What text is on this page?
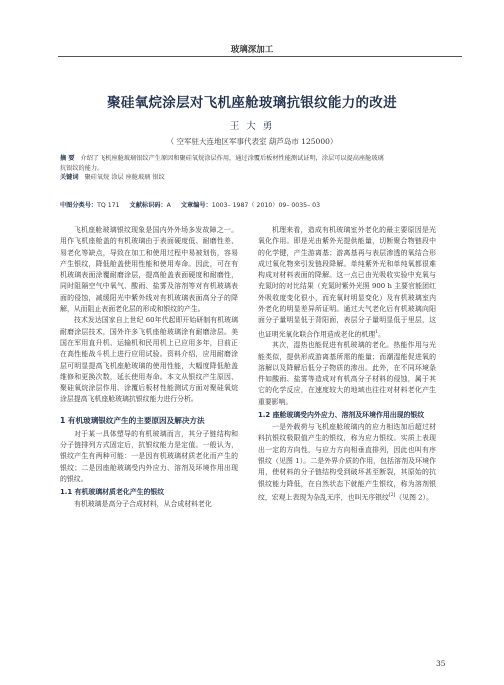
玻璃深加工
聚硅氧烷涂层对飞机座舱玻璃抗银纹能力的改进
王 大 勇
（ 空军驻大连地区军事代表室 葫芦岛市 125000）
摘 要 介绍了飞机座舱玻璃银纹产生原因和聚硅氧烷涂层作用，通过涂覆后板材性能测试证明，涂层可以提高座舱玻璃
抗银纹的能力。
关键词 聚硅氧烷 涂层 座舱玻璃 银纹
中图分类号：TQ 171 文献标识码：A 文章编号：1003– 1987（ 2010）09– 0035– 03

飞机座舱玻璃银纹现象是国内外外场多发故障之一。用作飞机座舱盖的有机玻璃由于表面硬度低、耐磨性差、易老化等缺点，导致在加工和使用过程中易被划伤，容易产生银纹，降低舱盖使用性能和使用寿命。因此，可在有机玻璃表面涂覆耐磨涂层，提高舱盖表面硬度和耐磨性，同时阻隔空气中氧气、酸雨、盐雾及溶剂等对有机玻璃表面的侵蚀，减缓阳光中紫外线对有机玻璃表面高分子的降解，从而阻止表面老化层的形成和银纹的产生。

技术发达国家自上世纪 60年代起即开始研制有机玻璃耐磨涂层技术，国外许多飞机座舱玻璃涂有耐磨涂层。美国在军用直升机、运输机和民用机上已应用多年，目前正在高性能战斗机上进行应用试验。资料介绍，应用耐磨涂层可明显提高飞机座舱玻璃的使用性能，大幅度降低舱盖维修和更换次数，延长使用寿命。本文从银纹产生原因、聚硅氧烷涂层作用、涂覆后板材性能测试方面对聚硅氧烷涂层提高飞机座舱玻璃抗银纹能力进行分析。

1 有机玻璃银纹产生的主要原因及解决方法

对于某一具体塑导的有机玻璃而言，其分子链结构和分子链排列方式固定后，抗银纹能力是定值。一般认为，银纹产生有两种可能：一是因有机玻璃材质老化而产生的银纹；二是因座舱玻璃受内外应力、溶剂及环境作用出现的银纹。

1.1 有机玻璃材质老化产生的银纹

有机玻璃是高分子合成材料，从合成材料老化

机理来看，造成有机玻璃室外老化的最主要原因是光氧化作用。即是光由紫外光提供能量，切断聚合物链段中的化学键，产生游离基；游离基再与表层渗透的氧结合形成过氧化物来引发链段降解。单纯紫外光和单纯氧都很难构成对材料表面的降解。这一点已由光吸收实验中充氧与充氮时的对比结果（充氮时紫外光照 900 h 主要官能团红外吸收度变化很小，而充氧时明显变化）及有机玻璃室内外老化的明显差异所证明。通过大气老化后有机玻璃向阳面分子量明显低于背阳面，表层分子量明显低于里层，这也证明光氧化联合作用造成老化的机理$^1$。

其次，湿热也能促进有机玻璃的老化。热能作用与光能类似，提供形成游离基所需的能量；而潮湿能促进氧的溶解以及降解后低分子物质的渗出。此外，在不同环境条件如酸雨、盐雾等造成对有机高分子材料的侵蚀，属于其它的化学反应，在速度较大的地域也往往对材料老化产生重要影响。

1.2 座舱玻璃受内外应力、溶剂及环境作用出现的银纹

一是外载荷与飞机座舱玻璃内的应力相迭加后超过材料抗银纹极限值产生的银纹，称为应力银纹。实质上表现出一定的方向性，与应力方向相垂直排列，因此也叫有序银纹（见图 1）。二是外界介质的作用，包括溶剂及环境作用，使材料的分子链结构受到破坏甚至断裂，其原始的抗银纹能力降低，在自然状态下就能产生银纹，称为溶剂银纹，宏观上表现为杂乱无序，也叫无序银纹[2]（见图 2）。

35
